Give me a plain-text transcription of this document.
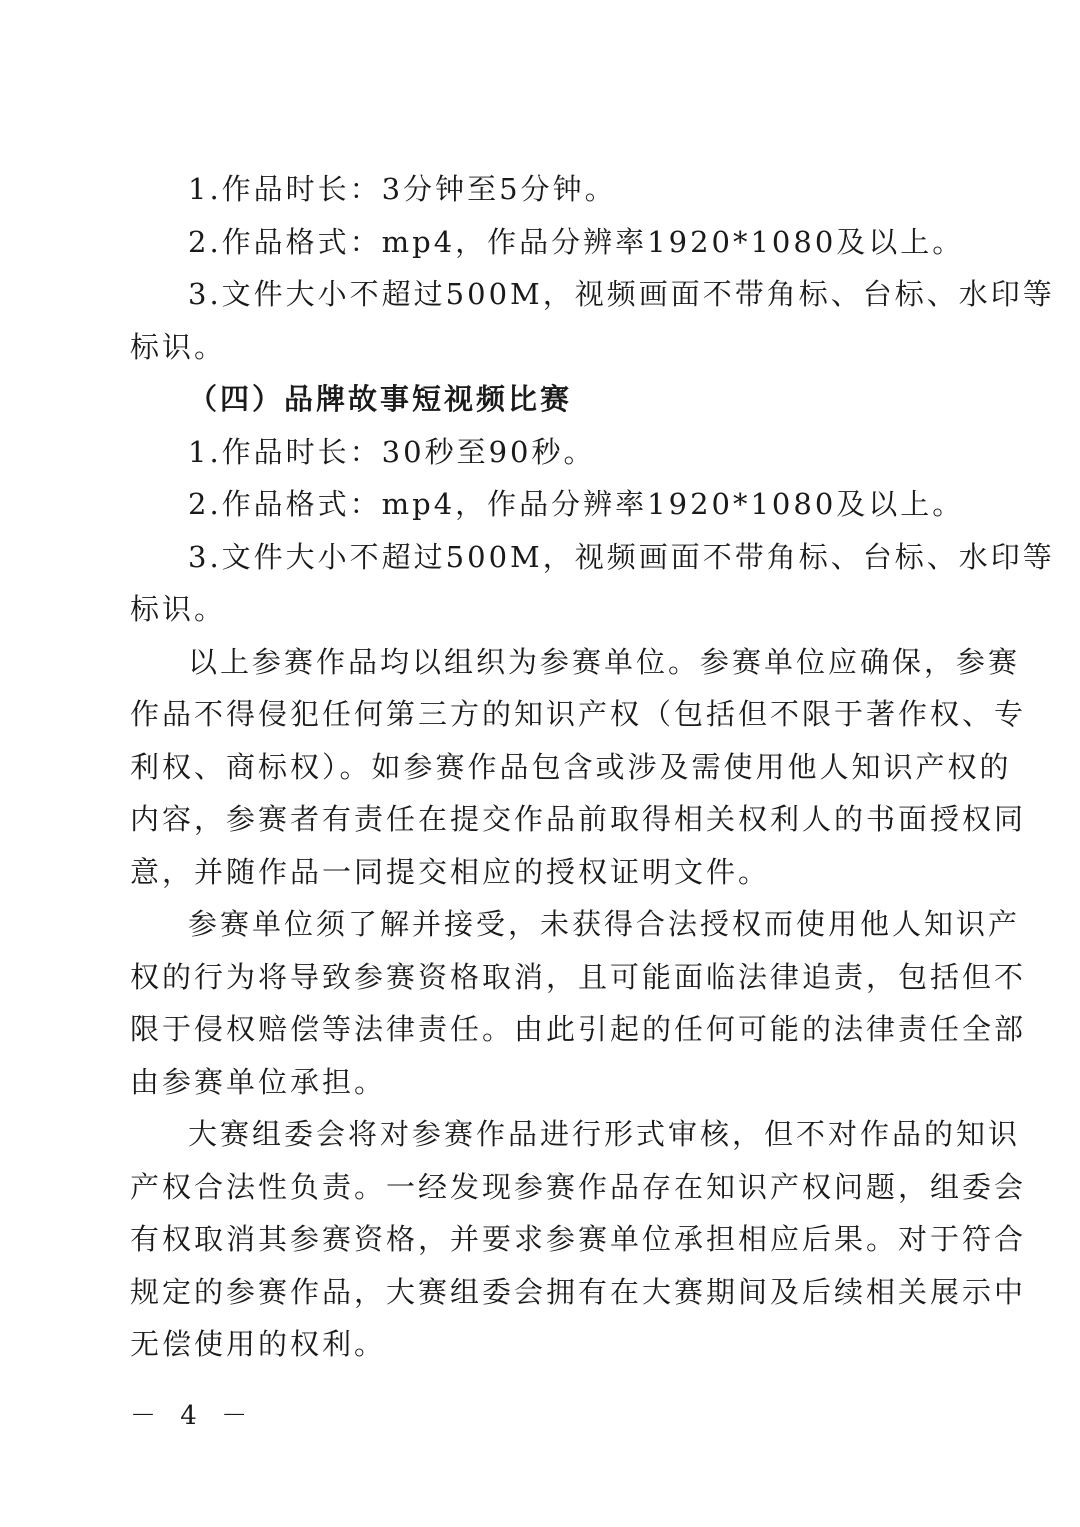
1.作品时长：3分钟至5分钟。
2.作品格式：mp4，作品分辨率1920*1080及以上。
3.文件大小不超过500M，视频画面不带角标、台标、水印等
标识。
（四）品牌故事短视频比赛
1.作品时长：30秒至90秒。
2.作品格式：mp4，作品分辨率1920*1080及以上。
3.文件大小不超过500M，视频画面不带角标、台标、水印等
标识。
以上参赛作品均以组织为参赛单位。参赛单位应确保，参赛
作品不得侵犯任何第三方的知识产权（包括但不限于著作权、专
利权、商标权）。如参赛作品包含或涉及需使用他人知识产权的
内容，参赛者有责任在提交作品前取得相关权利人的书面授权同
意，并随作品一同提交相应的授权证明文件。
参赛单位须了解并接受，未获得合法授权而使用他人知识产
权的行为将导致参赛资格取消，且可能面临法律追责，包括但不
限于侵权赔偿等法律责任。由此引起的任何可能的法律责任全部
由参赛单位承担。
大赛组委会将对参赛作品进行形式审核，但不对作品的知识
产权合法性负责。一经发现参赛作品存在知识产权问题，组委会
有权取消其参赛资格，并要求参赛单位承担相应后果。对于符合
规定的参赛作品，大赛组委会拥有在大赛期间及后续相关展示中
无偿使用的权利。
－ 4 －
